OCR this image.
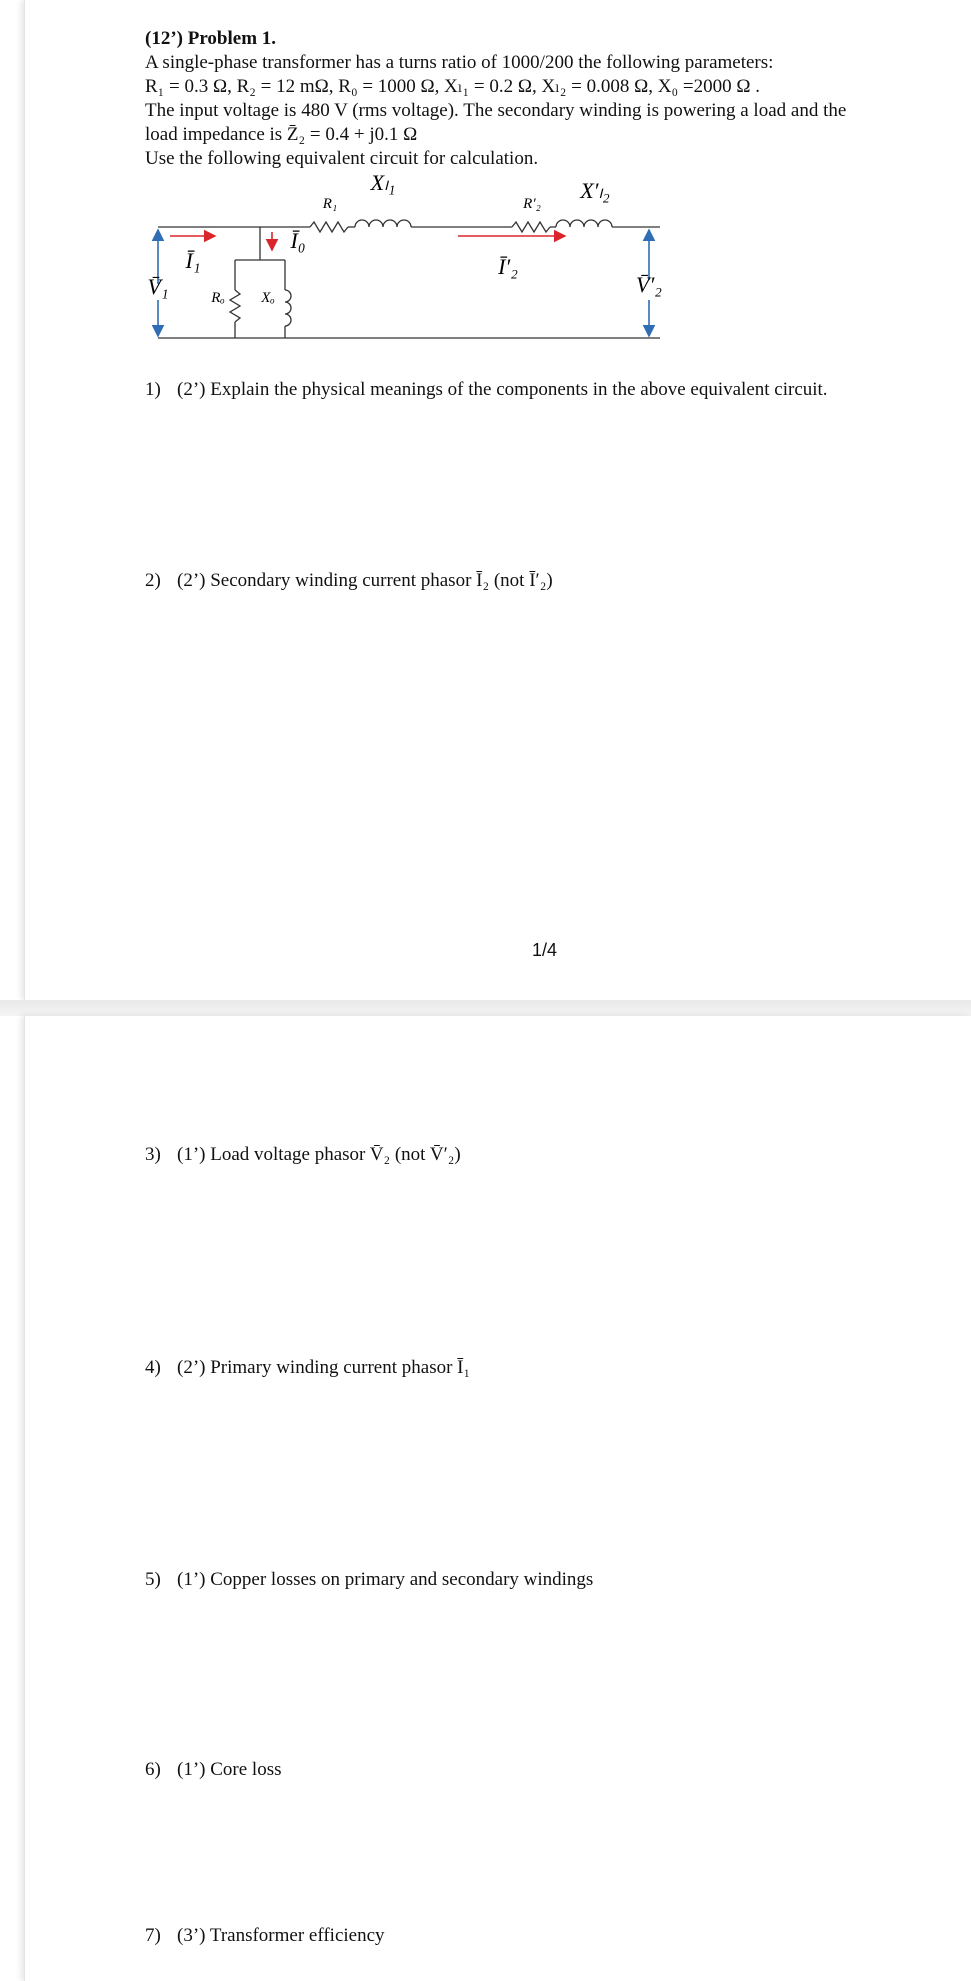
(12’) Problem 1.
A single-phase transformer has a turns ratio of 1000/200 the following parameters:
R₁ = 0.3 Ω, R₂ = 12 mΩ, R₀ = 1000 Ω, Xₗ₁ = 0.2 Ω, Xₗ₂ = 0.008 Ω, X₀ =2000 Ω .
The input voltage is 480 V (rms voltage). The secondary winding is powering a load and the
load impedance is Z̄₂ = 0.4 + j0.1 Ω
Use the following equivalent circuit for calculation.
Xₗ₁
R₁	R′₂
X′ₗ₂
Ī₁
Ī₀
Ī′₂
V̄₁	V̄′₂
Rₒ Xₒ
1) (2’) Explain the physical meanings of the components in the above equivalent circuit.
2) (2’) Secondary winding current phasor Ī₂ (not Ī′₂)
1/4
3) (1’) Load voltage phasor V̄₂ (not V̄′₂)
4) (2’) Primary winding current phasor Ī₁
5) (1’) Copper losses on primary and secondary windings
6) (1’) Core loss
7) (3’) Transformer efficiency
